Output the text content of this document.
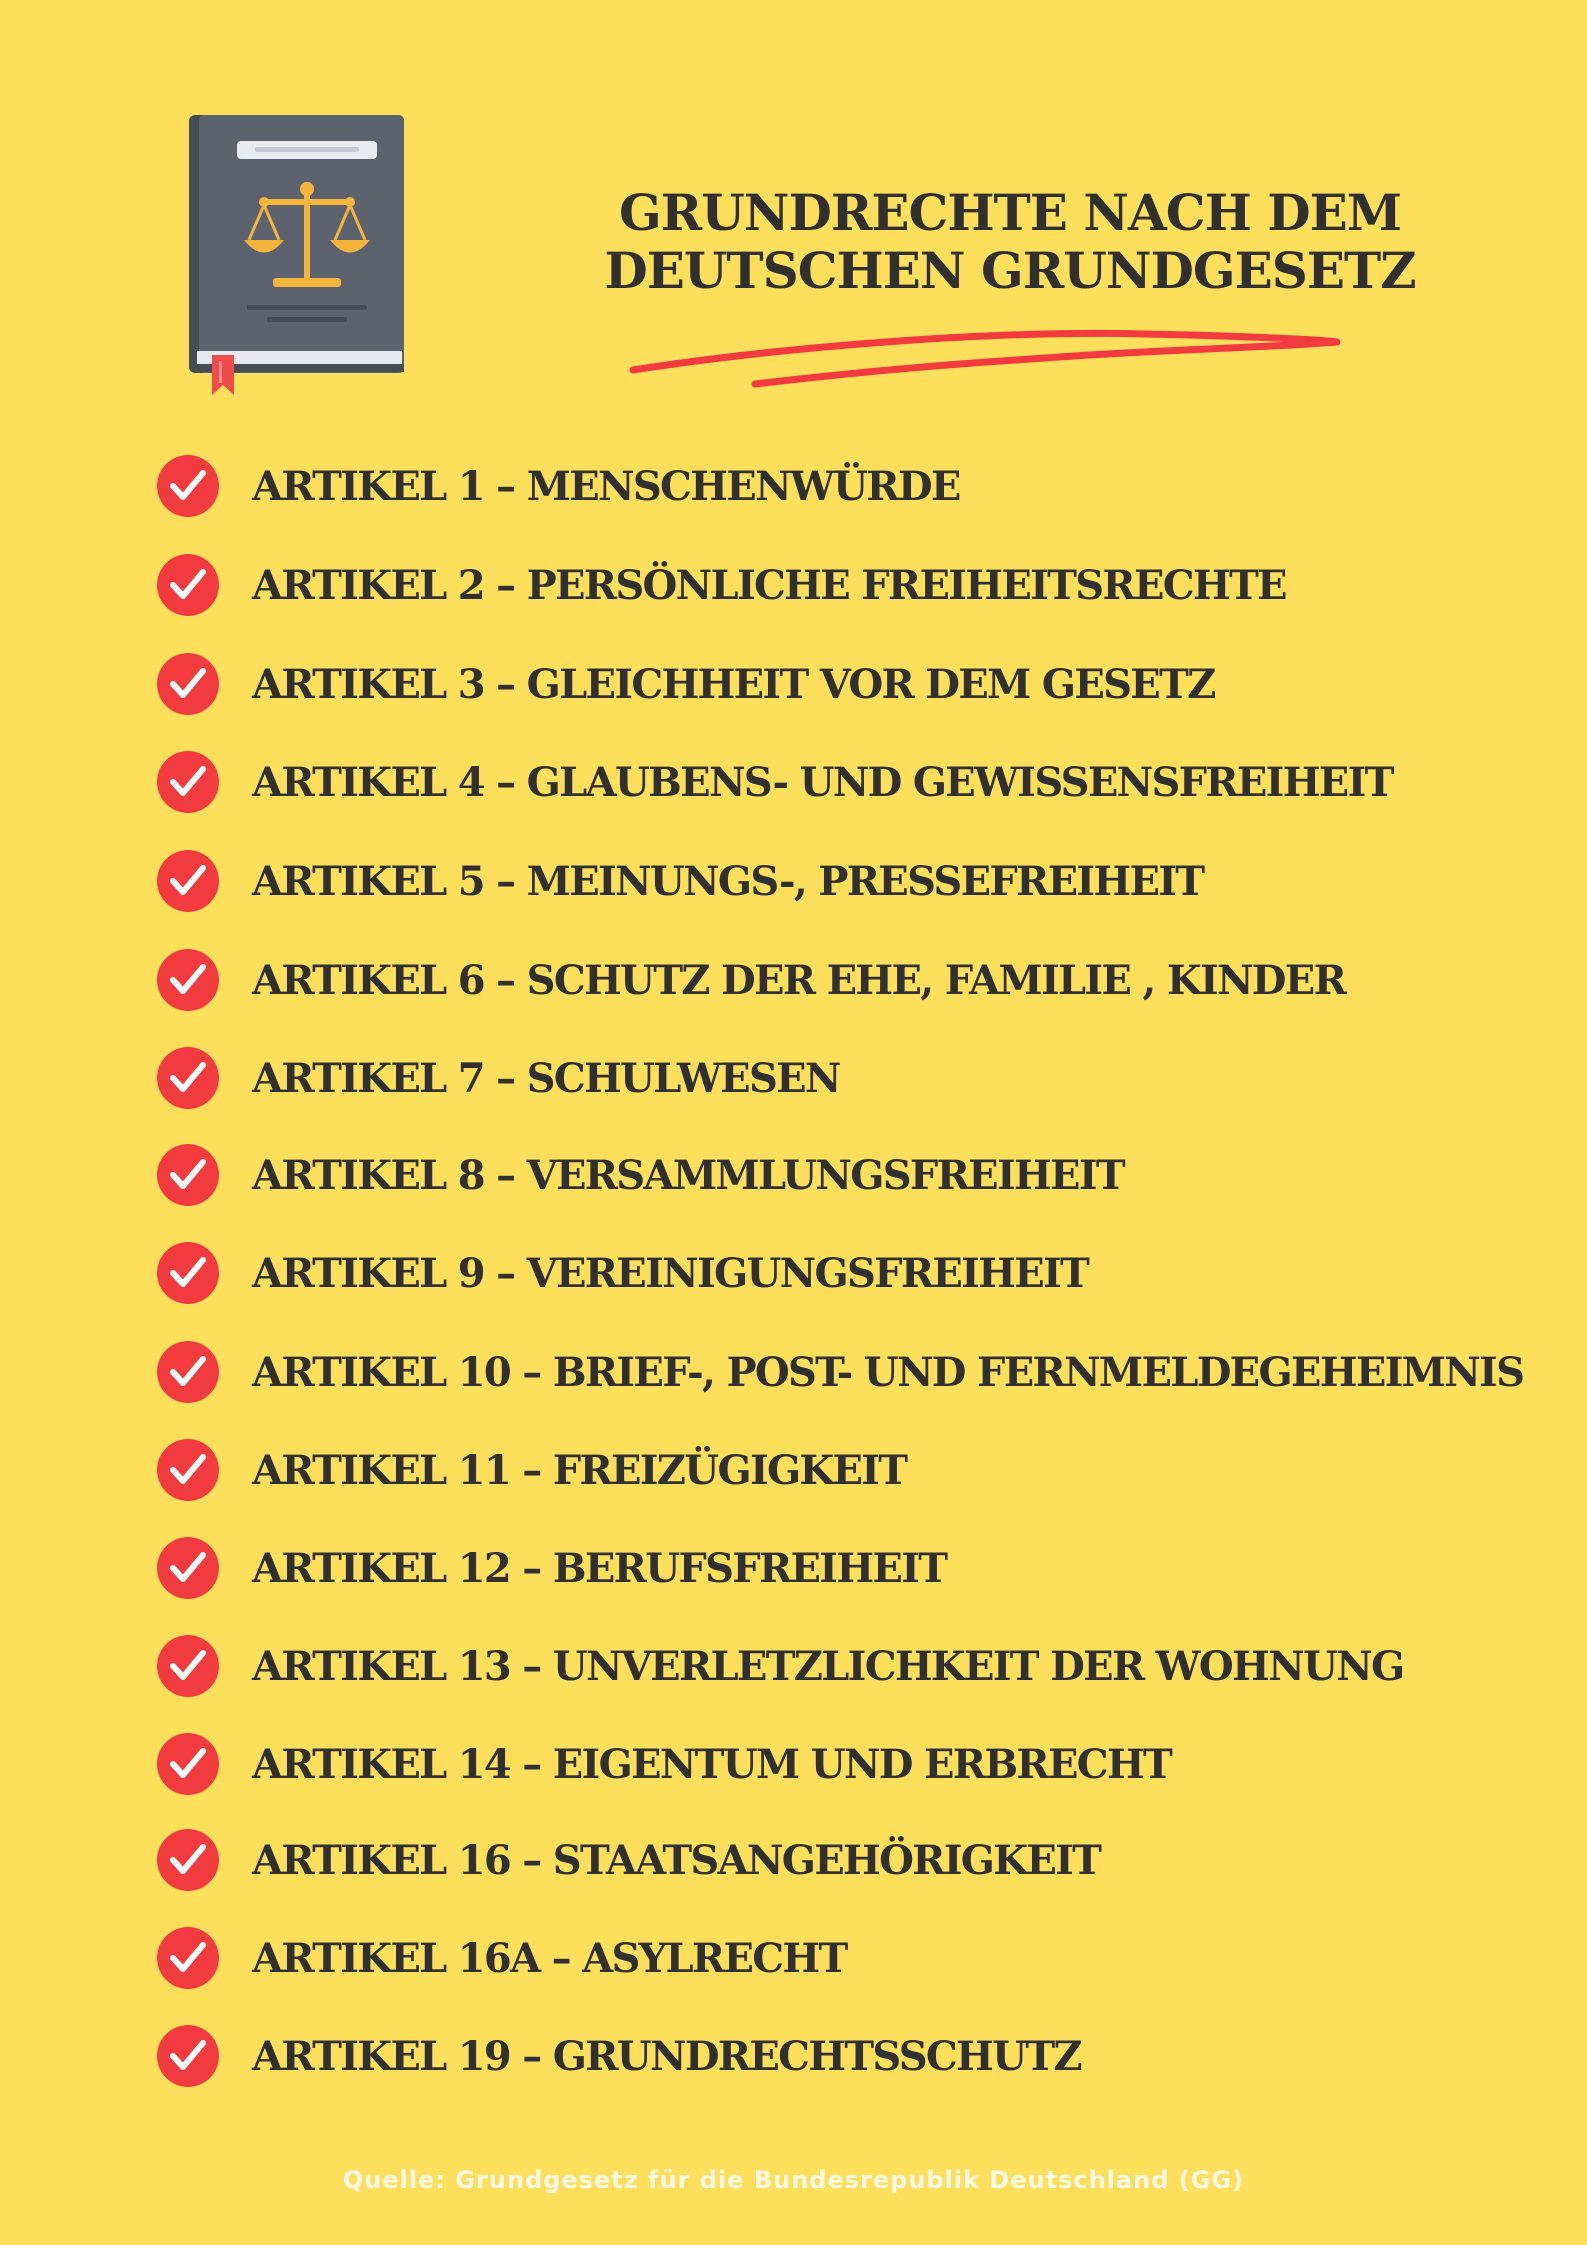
GRUNDRECHTE NACH DEM
DEUTSCHEN GRUNDGESETZ
ARTIKEL 1 – MENSCHENWÜRDE
ARTIKEL 2 – PERSÖNLICHE FREIHEITSRECHTE
ARTIKEL 3 – GLEICHHEIT VOR DEM GESETZ
ARTIKEL 4 – GLAUBENS- UND GEWISSENSFREIHEIT
ARTIKEL 5 – MEINUNGS-, PRESSEFREIHEIT
ARTIKEL 6 – SCHUTZ DER EHE, FAMILIE , KINDER
ARTIKEL 7 – SCHULWESEN
ARTIKEL 8 – VERSAMMLUNGSFREIHEIT
ARTIKEL 9 – VEREINIGUNGSFREIHEIT
ARTIKEL 10 – BRIEF-, POST- UND FERNMELDEGEHEIMNIS
ARTIKEL 11 – FREIZÜGIGKEIT
ARTIKEL 12 – BERUFSFREIHEIT
ARTIKEL 13 – UNVERLETZLICHKEIT DER WOHNUNG
ARTIKEL 14 – EIGENTUM UND ERBRECHT
ARTIKEL 16 – STAATSANGEHÖRIGKEIT
ARTIKEL 16A – ASYLRECHT
ARTIKEL 19 – GRUNDRECHTSSCHUTZ
Quelle: Grundgesetz für die Bundesrepublik Deutschland (GG)
